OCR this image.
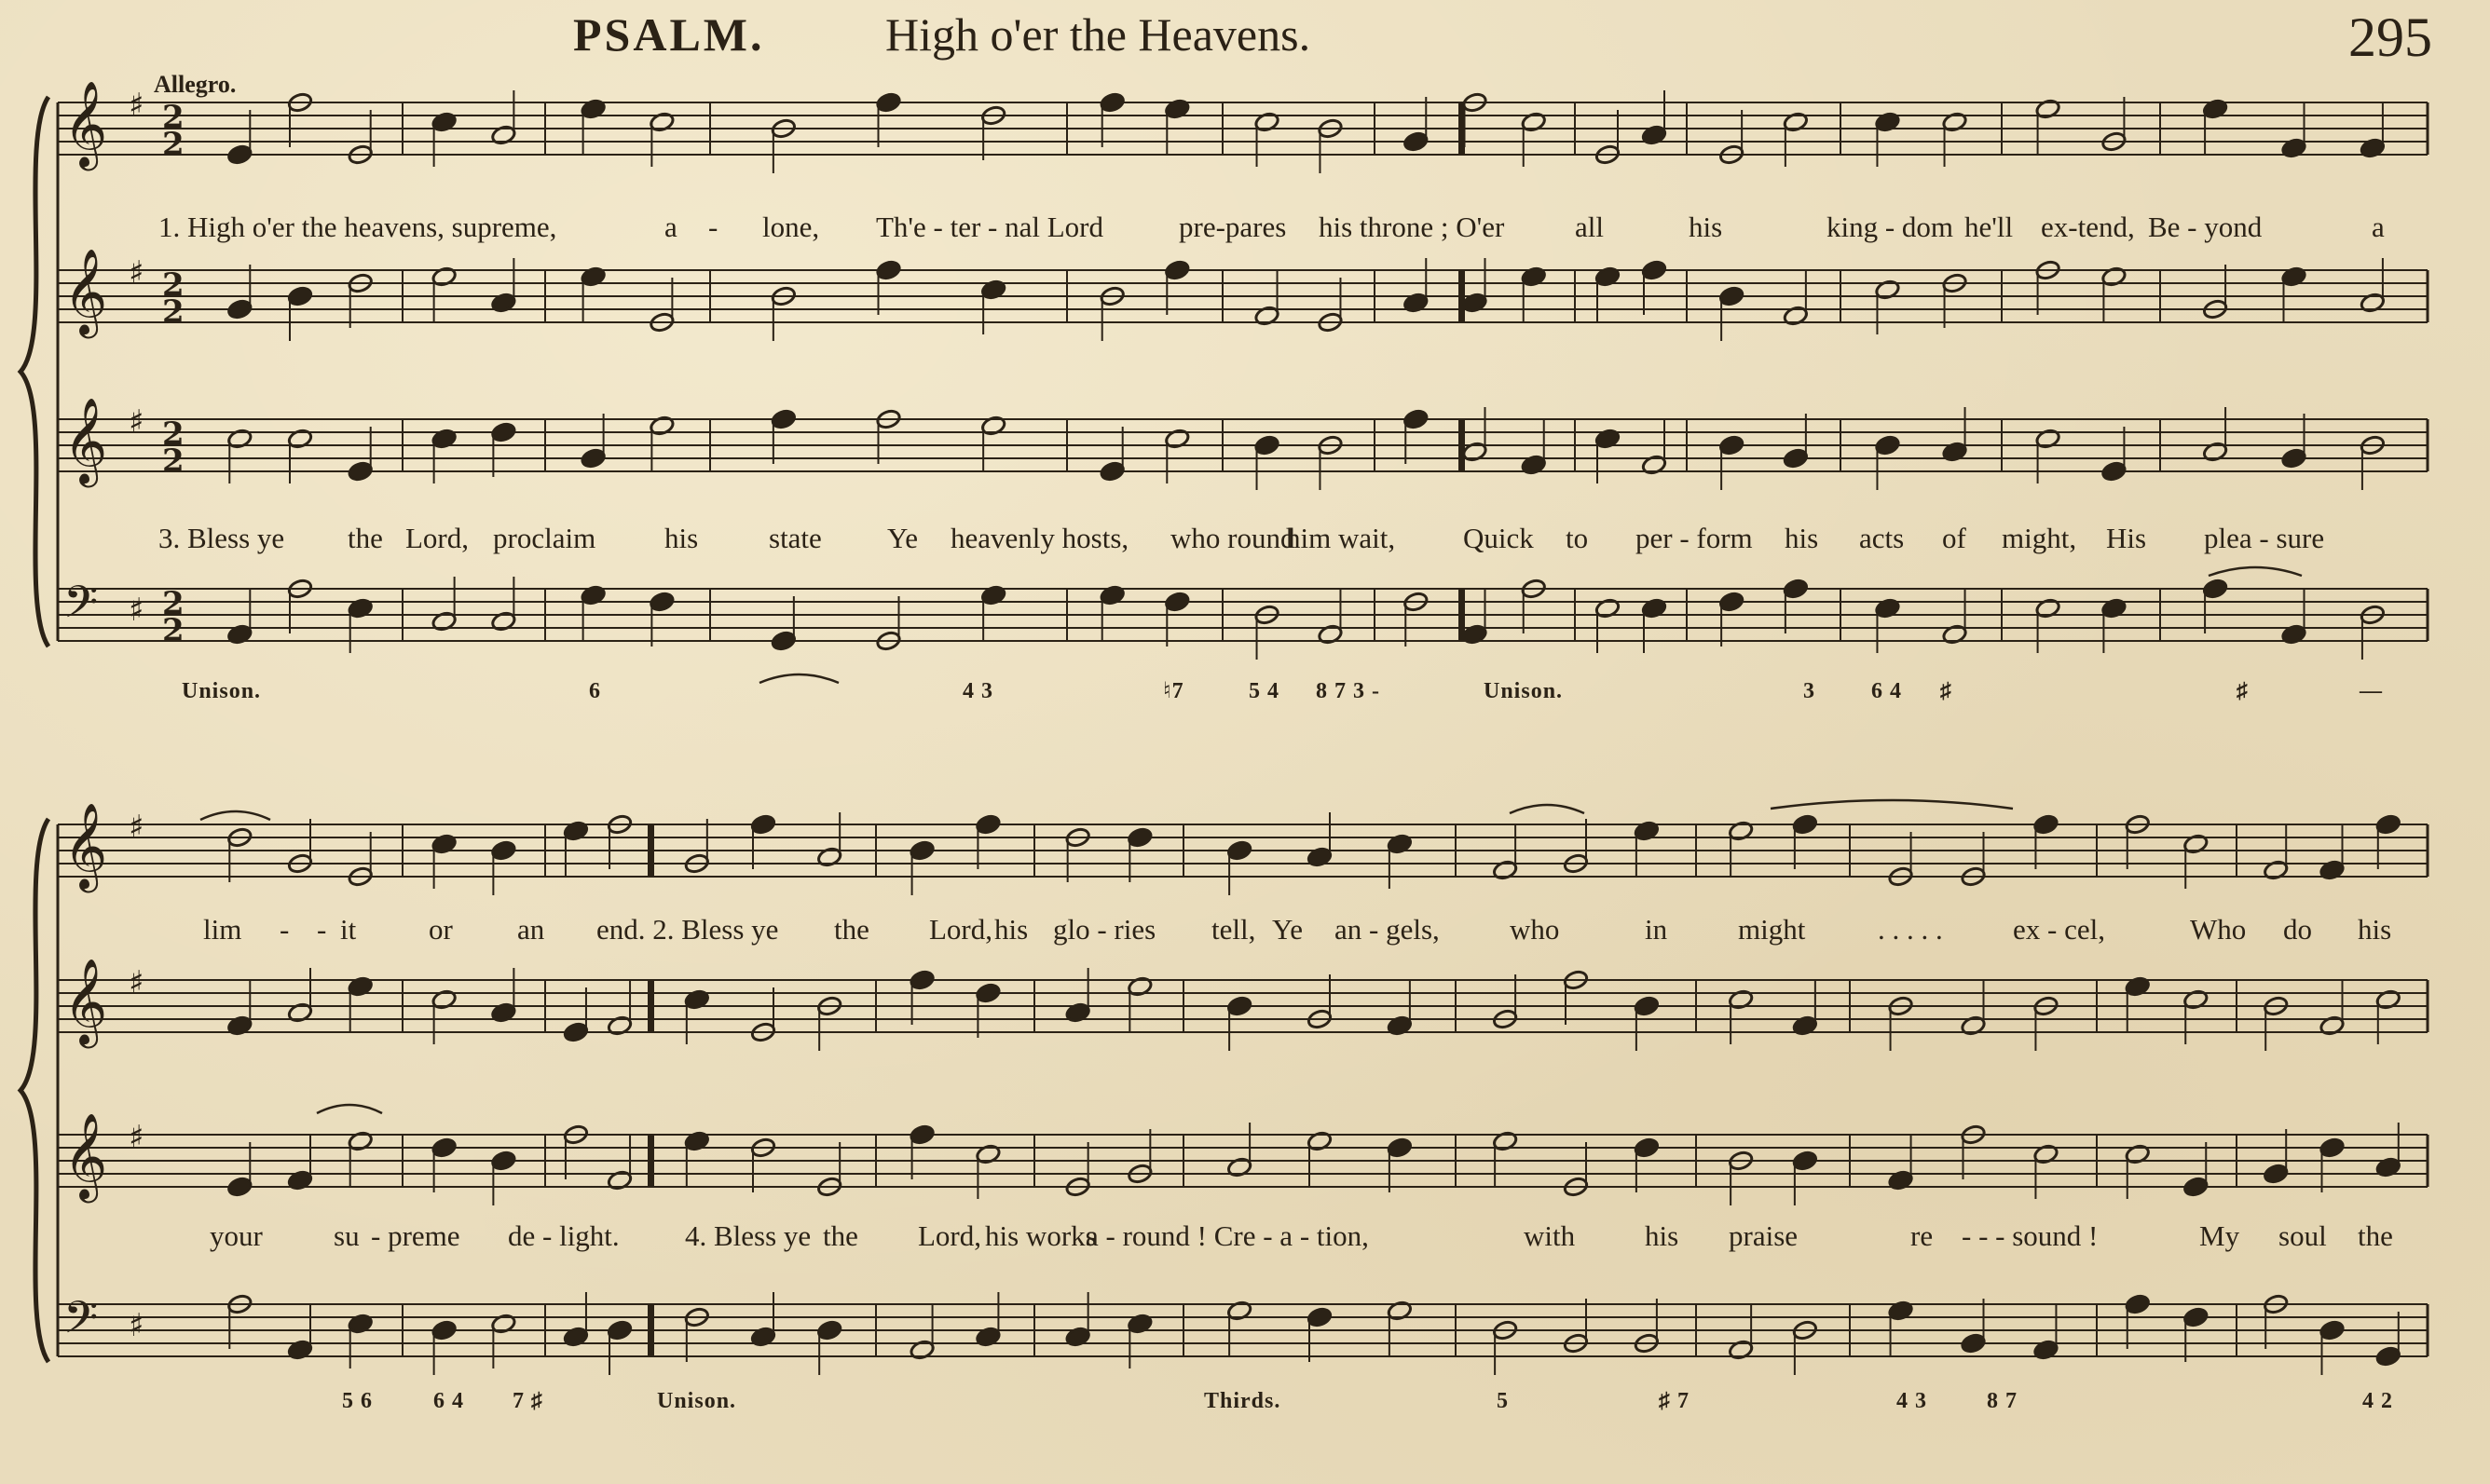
𝄞 ♯ 2
2
𝄞 ♯ 2
2
𝄞 ♯ 2
2
𝄢 ♯ 2
2
𝄞 ♯
𝄞 ♯
𝄞 ♯
𝄢 ♯
PSALM.	High o'er the Heavens.	295
Allegro.
1. High o'er the heavens, supreme,	a - lone, Th'e - ter - nal Lord	pre-pares his throne ; O'er all	his	king - dom he'll ex-tend, Be - yond	a
3. Bless ye the Lord, proclaim his state Ye heavenly hosts, who round
him wait, Quick to per - form his acts of might, His plea - sure
lim - - it	or an end. 2. Bless ye the Lord, his glo - ries tell, Ye an - gels, who	in might	. . . . . ex - cel,	Who do his
your su - preme de - light. 4. Bless ye the Lord, his works
a - round ! Cre - a - tion,	with his praise	re - - - sound !	My soul the
Unison.	6	4 3	♮7	5 4 8 7 3 -	Unison.	3	6 4 ♯	♯	—
5 6	6 4 7 ♯	Unison.	Thirds.	5	♯ 7	4 3	8 7	4 2
